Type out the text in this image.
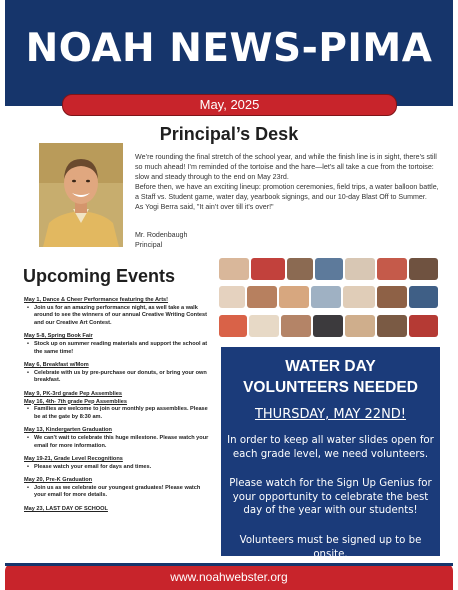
NOAH NEWS-PIMA
May, 2025
Principal’s Desk

We’re rounding the final stretch of the school year, and while the finish line is in sight, there’s still so much ahead! I’m reminded of the tortoise and the hare—let’s all take a cue from the tortoise: slow and steady through to the end on May 23rd.

Before then, we have an exciting lineup: promotion ceremonies, field trips, a water balloon battle, a Staff vs. Student game, water day, yearbook signings, and our 10-day Blast Off to Summer.

As Yogi Berra said, "It ain’t over till it’s over!"

Mr. Rodenbaugh
Principal
Upcoming Events
May 1, Dance & Cheer Performance featuring the Arts!
• Join us for an amazing performance night, as well take a walk around to see the winners of our annual Creative Writing Contest and our Creative Art Contest.
May 5-8, Spring Book Fair
• Stock up on summer reading materials and support the school at the same time!
May 6, Breakfast w/Mom
• Celebrate with us by pre-purchase our donuts, or bring your own breakfast.
May 9, PK-3rd grade Pep Assemblies
May 16, 4th- 7th grade Pep Assemblies
• Families are welcome to join our monthly pep assemblies. Please be at the gate by 8:30 am.
May 13, Kindergarten Graduation
• We can’t wait to celebrate this huge milestone. Please watch your email for more information.
May 19-21, Grade Level Recognitions
• Please watch your email for days and times.
May 20, Pre-K Graduation
• Join us as we celebrate our youngest graduates! Please watch your email for more details.
May 23, LAST DAY OF SCHOOL
WATER DAY
VOLUNTEERS NEEDED
THURSDAY, MAY 22ND!
In order to keep all water slides open for each grade level, we need volunteers.
Please watch for the Sign Up Genius for your opportunity to celebrate the best day of the year with our students!
Volunteers must be signed up to be onsite.
www.noahwebster.org
